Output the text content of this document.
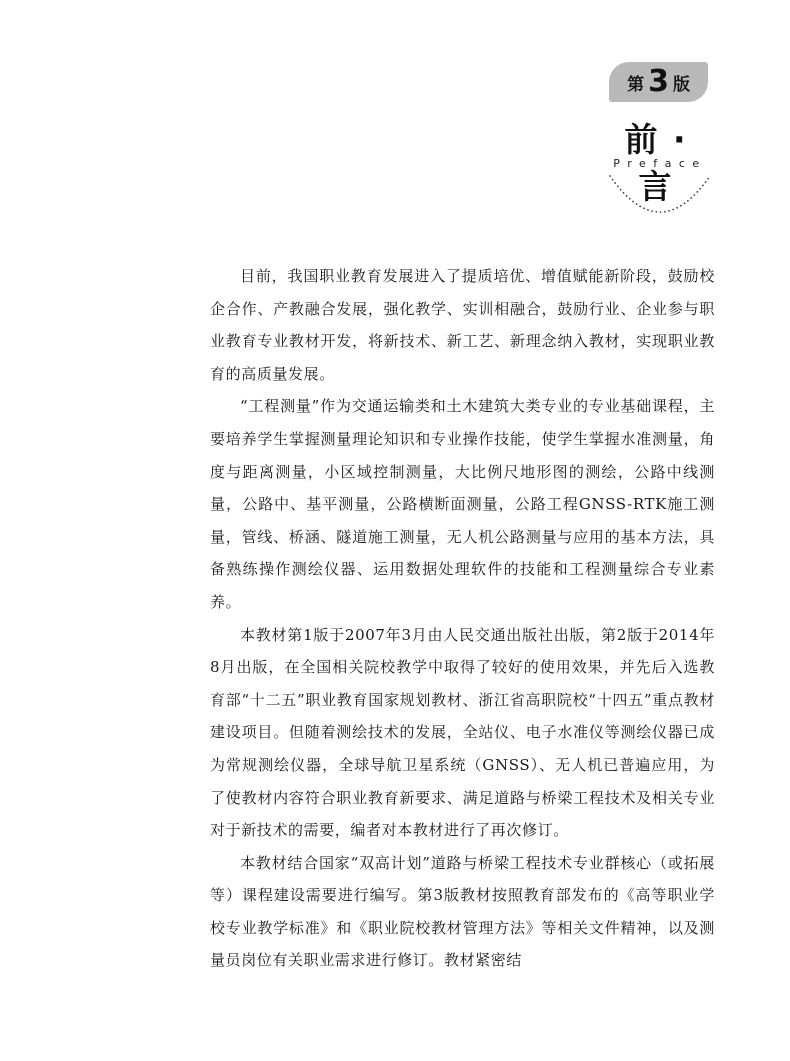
第 3 版
前 · 言
Preface

目前，我国职业教育发展进入了提质培优、增值赋能新阶段，鼓励校企合作、产教融合发展，强化教学、实训相融合，鼓励行业、企业参与职业教育专业教材开发，将新技术、新工艺、新理念纳入教材，实现职业教育的高质量发展。

“工程测量”作为交通运输类和土木建筑大类专业的专业基础课程，主要培养学生掌握测量理论知识和专业操作技能，使学生掌握水准测量，角度与距离测量，小区域控制测量，大比例尺地形图的测绘，公路中线测量，公路中、基平测量，公路横断面测量，公路工程GNSS-RTK施工测量，管线、桥涵、隧道施工测量，无人机公路测量与应用的基本方法，具备熟练操作测绘仪器、运用数据处理软件的技能和工程测量综合专业素养。

本教材第1版于2007年3月由人民交通出版社出版，第2版于2014年8月出版，在全国相关院校教学中取得了较好的使用效果，并先后入选教育部“十二五”职业教育国家规划教材、浙江省高职院校“十四五”重点教材建设项目。但随着测绘技术的发展，全站仪、电子水准仪等测绘仪器已成为常规测绘仪器，全球导航卫星系统（GNSS）、无人机已普遍应用，为了使教材内容符合职业教育新要求、满足道路与桥梁工程技术及相关专业对于新技术的需要，编者对本教材进行了再次修订。

本教材结合国家“双高计划”道路与桥梁工程技术专业群核心（或拓展等）课程建设需要进行编写。第3版教材按照教育部发布的《高等职业学校专业教学标准》和《职业院校教材管理方法》等相关文件精神，以及测量员岗位有关职业需求进行修订。教材紧密结
